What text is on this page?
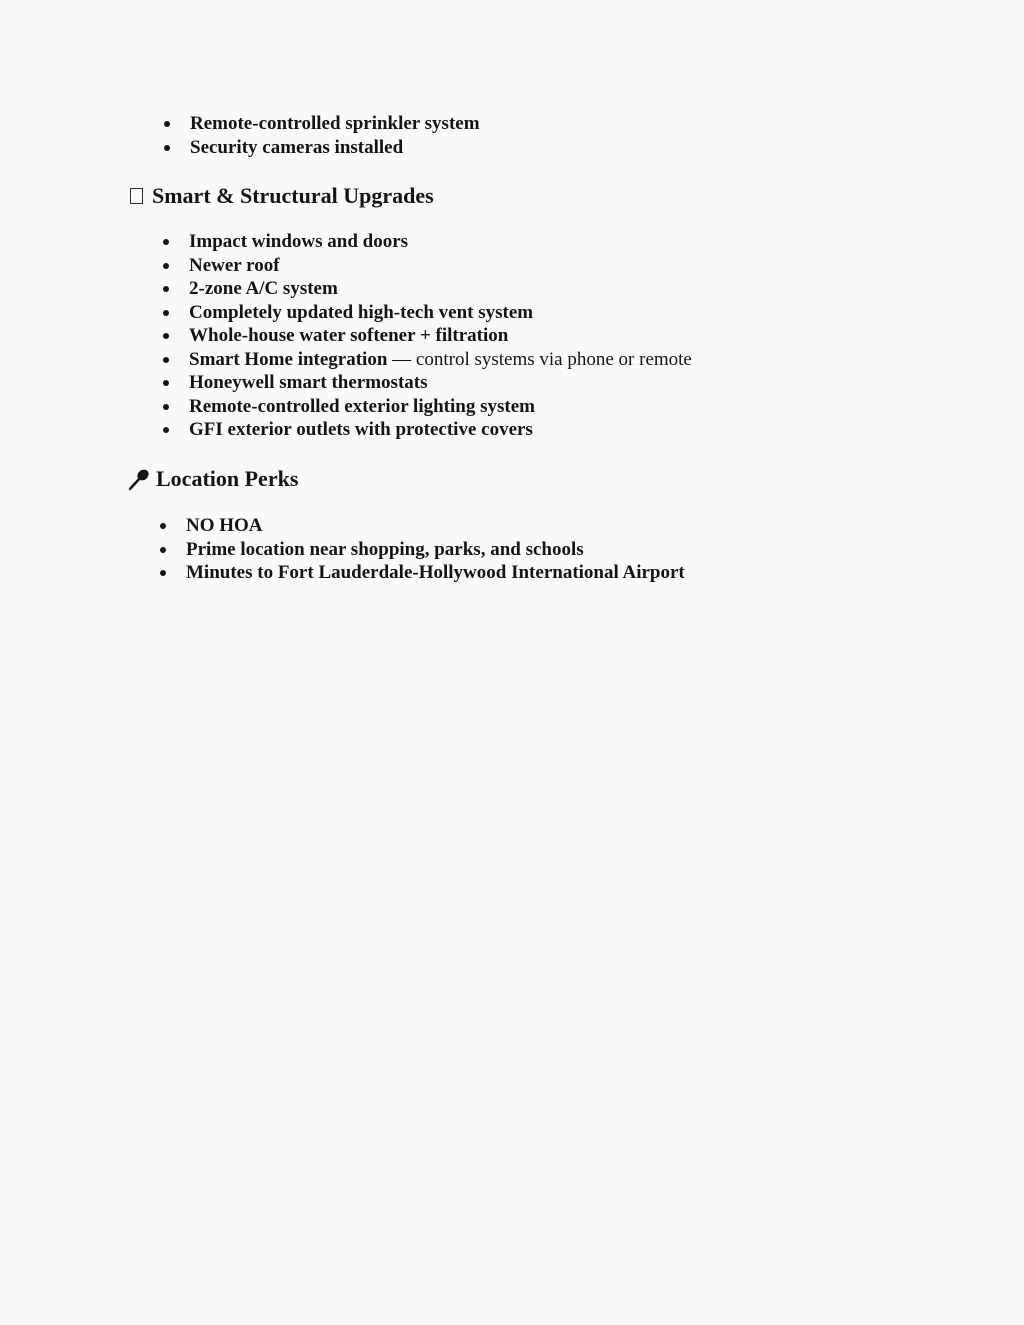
Remote-controlled sprinkler system
Security cameras installed
Smart & Structural Upgrades
Impact windows and doors
Newer roof
2-zone A/C system
Completely updated high-tech vent system
Whole-house water softener + filtration
Smart Home integration — control systems via phone or remote
Honeywell smart thermostats
Remote-controlled exterior lighting system
GFI exterior outlets with protective covers
Location Perks
NO HOA
Prime location near shopping, parks, and schools
Minutes to Fort Lauderdale-Hollywood International Airport
